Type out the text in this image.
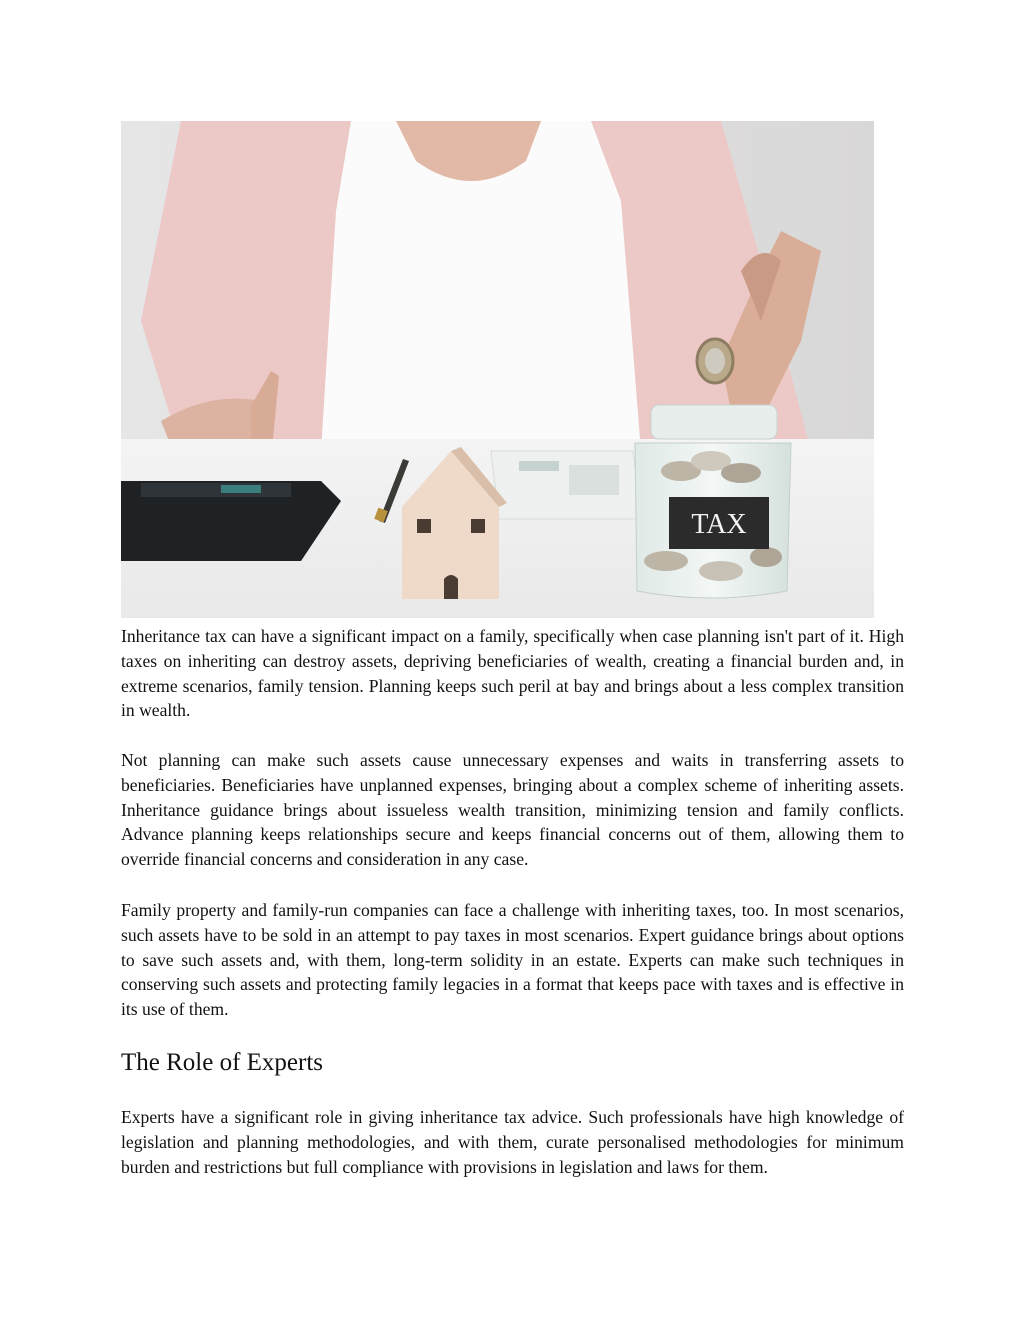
TAX

Inheritance tax can have a significant impact on a family, specifically when case planning isn't part of it. High taxes on inheriting can destroy assets, depriving beneficiaries of wealth, creating a financial burden and, in extreme scenarios, family tension. Planning keeps such peril at bay and brings about a less complex transition in wealth.

Not planning can make such assets cause unnecessary expenses and waits in transferring assets to beneficiaries. Beneficiaries have unplanned expenses, bringing about a complex scheme of inheriting assets. Inheritance guidance brings about issueless wealth transition, minimizing tension and family conflicts. Advance planning keeps relationships secure and keeps financial concerns out of them, allowing them to override financial concerns and consideration in any case.

Family property and family-run companies can face a challenge with inheriting taxes, too. In most scenarios, such assets have to be sold in an attempt to pay taxes in most scenarios. Expert guidance brings about options to save such assets and, with them, long-term solidity in an estate. Experts can make such techniques in conserving such assets and protecting family legacies in a format that keeps pace with taxes and is effective in its use of them.

The Role of Experts

Experts have a significant role in giving inheritance tax advice. Such professionals have high knowledge of legislation and planning methodologies, and with them, curate personalised methodologies for minimum burden and restrictions but full compliance with provisions in legislation and laws for them.
